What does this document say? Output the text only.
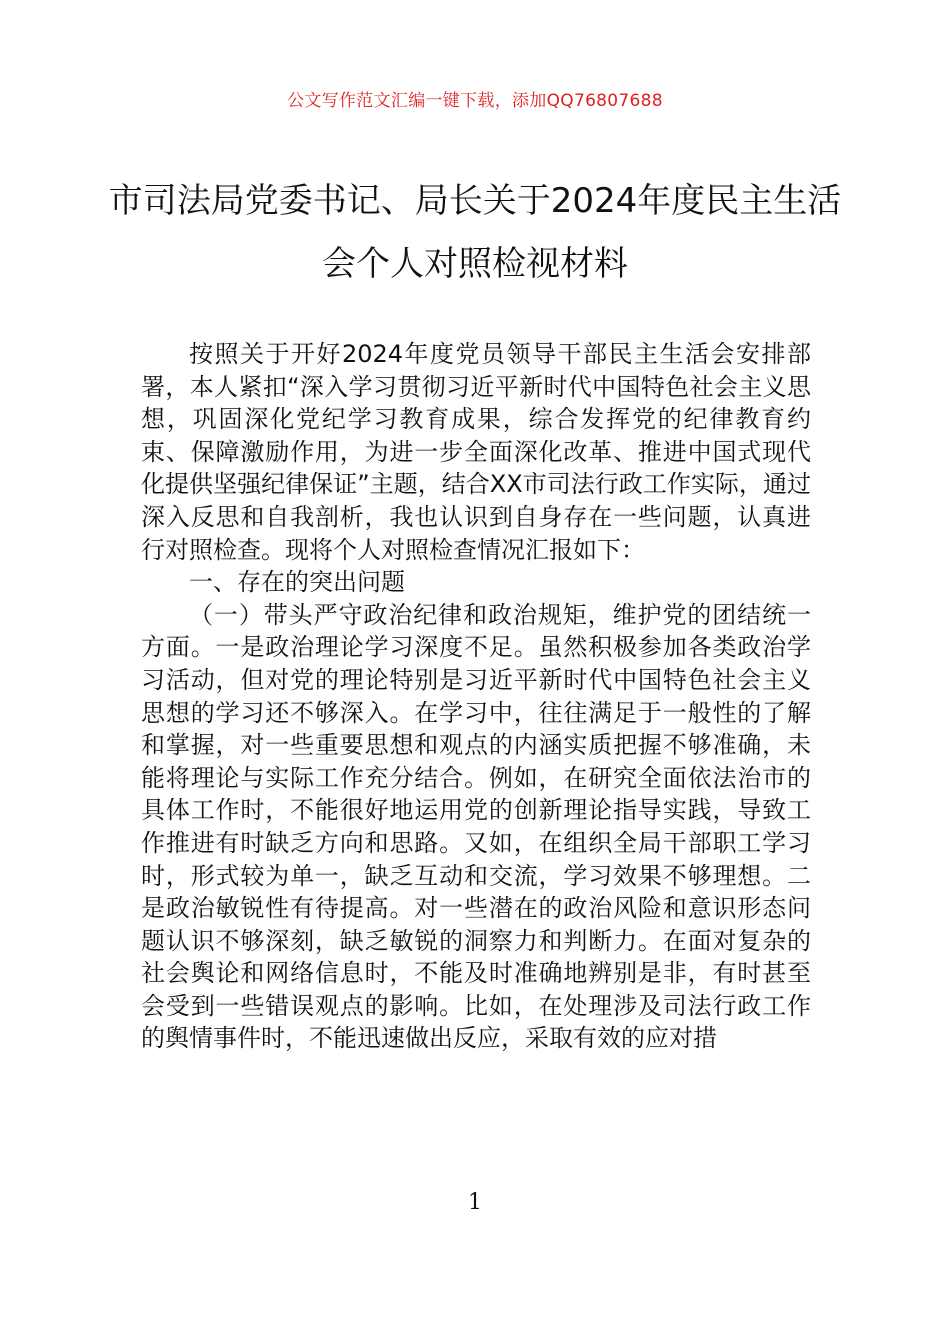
公文写作范文汇编一键下载，添加QQ76807688
市司法局党委书记、局长关于2024年度民主生活会个人对照检视材料

按照关于开好2024年度党员领导干部民主生活会安排部署，本人紧扣“深入学习贯彻习近平新时代中国特色社会主义思想，巩固深化党纪学习教育成果，综合发挥党的纪律教育约束、保障激励作用，为进一步全面深化改革、推进中国式现代化提供坚强纪律保证”主题，结合XX市司法行政工作实际，通过深入反思和自我剖析，我也认识到自身存在一些问题，认真进行对照检查。现将个人对照检查情况汇报如下：

一、存在的突出问题

（一）带头严守政治纪律和政治规矩，维护党的团结统一方面。一是政治理论学习深度不足。虽然积极参加各类政治学习活动，但对党的理论特别是习近平新时代中国特色社会主义思想的学习还不够深入。在学习中，往往满足于一般性的了解和掌握，对一些重要思想和观点的内涵实质把握不够准确，未能将理论与实际工作充分结合。例如，在研究全面依法治市的具体工作时，不能很好地运用党的创新理论指导实践，导致工作推进有时缺乏方向和思路。又如，在组织全局干部职工学习时，形式较为单一，缺乏互动和交流，学习效果不够理想。二是政治敏锐性有待提高。对一些潜在的政治风险和意识形态问题认识不够深刻，缺乏敏锐的洞察力和判断力。在面对复杂的社会舆论和网络信息时，不能及时准确地辨别是非，有时甚至会受到一些错误观点的影响。比如，在处理涉及司法行政工作的舆情事件时，不能迅速做出反应，采取有效的应对措

1
